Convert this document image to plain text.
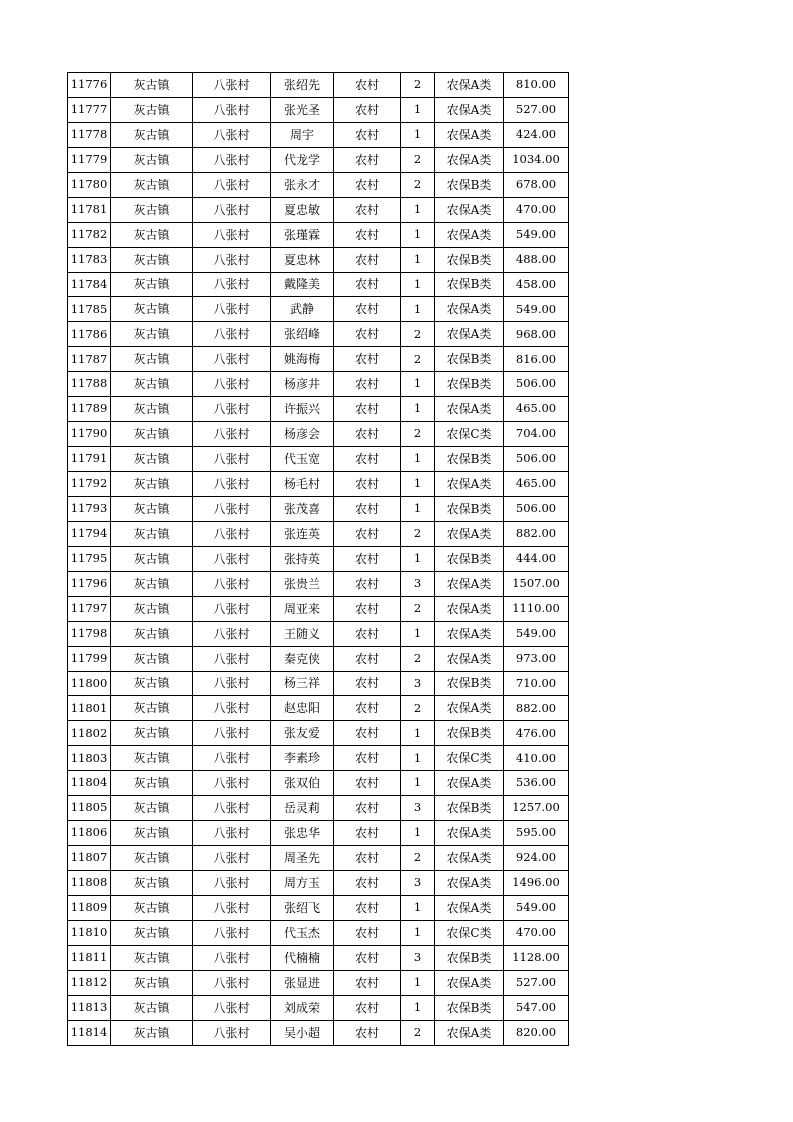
11776	灰古镇	八张村	张绍先	农村	2	农保A类	810.00
11777	灰古镇	八张村	张光圣	农村	1	农保A类	527.00
11778	灰古镇	八张村	周宇	农村	1	农保A类	424.00
11779	灰古镇	八张村	代龙学	农村	2	农保A类	1034.00
11780	灰古镇	八张村	张永才	农村	2	农保B类	678.00
11781	灰古镇	八张村	夏忠敏	农村	1	农保A类	470.00
11782	灰古镇	八张村	张瑾霖	农村	1	农保A类	549.00
11783	灰古镇	八张村	夏忠林	农村	1	农保B类	488.00
11784	灰古镇	八张村	戴隆美	农村	1	农保B类	458.00
11785	灰古镇	八张村	武静	农村	1	农保A类	549.00
11786	灰古镇	八张村	张绍峰	农村	2	农保A类	968.00
11787	灰古镇	八张村	姚海梅	农村	2	农保B类	816.00
11788	灰古镇	八张村	杨彦井	农村	1	农保B类	506.00
11789	灰古镇	八张村	许振兴	农村	1	农保A类	465.00
11790	灰古镇	八张村	杨彦会	农村	2	农保C类	704.00
11791	灰古镇	八张村	代玉宽	农村	1	农保B类	506.00
11792	灰古镇	八张村	杨毛村	农村	1	农保A类	465.00
11793	灰古镇	八张村	张茂喜	农村	1	农保B类	506.00
11794	灰古镇	八张村	张连英	农村	2	农保A类	882.00
11795	灰古镇	八张村	张持英	农村	1	农保B类	444.00
11796	灰古镇	八张村	张贵兰	农村	3	农保A类	1507.00
11797	灰古镇	八张村	周亚来	农村	2	农保A类	1110.00
11798	灰古镇	八张村	王随义	农村	1	农保A类	549.00
11799	灰古镇	八张村	秦克侠	农村	2	农保A类	973.00
11800	灰古镇	八张村	杨三祥	农村	3	农保B类	710.00
11801	灰古镇	八张村	赵忠阳	农村	2	农保A类	882.00
11802	灰古镇	八张村	张友爱	农村	1	农保B类	476.00
11803	灰古镇	八张村	李素珍	农村	1	农保C类	410.00
11804	灰古镇	八张村	张双伯	农村	1	农保A类	536.00
11805	灰古镇	八张村	岳灵莉	农村	3	农保B类	1257.00
11806	灰古镇	八张村	张忠华	农村	1	农保A类	595.00
11807	灰古镇	八张村	周圣先	农村	2	农保A类	924.00
11808	灰古镇	八张村	周方玉	农村	3	农保A类	1496.00
11809	灰古镇	八张村	张绍飞	农村	1	农保A类	549.00
11810	灰古镇	八张村	代玉杰	农村	1	农保C类	470.00
11811	灰古镇	八张村	代楠楠	农村	3	农保B类	1128.00
11812	灰古镇	八张村	张显进	农村	1	农保A类	527.00
11813	灰古镇	八张村	刘成荣	农村	1	农保B类	547.00
11814	灰古镇	八张村	吴小超	农村	2	农保A类	820.00
